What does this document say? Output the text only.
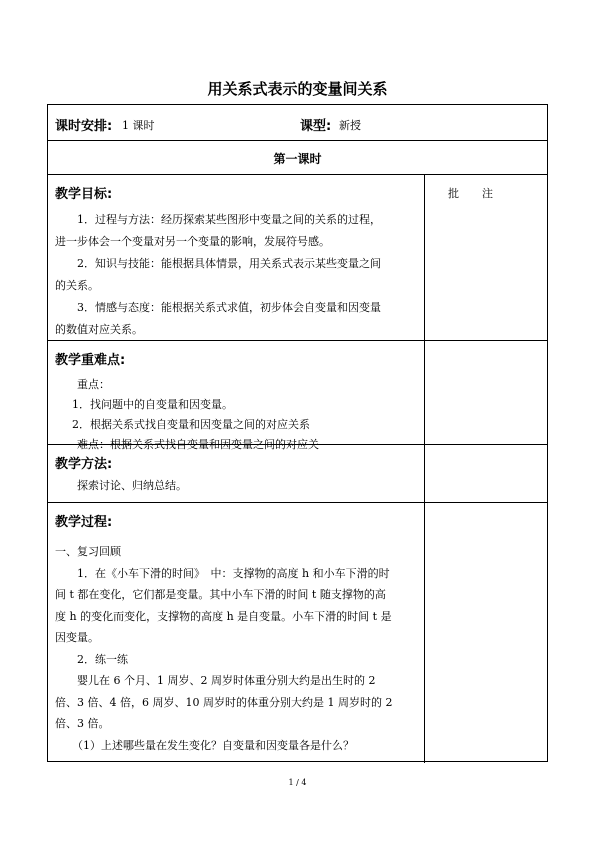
用关系式表示的变量间关系
课时安排: 1 课时	课型: 新授
第一课时
教学目标:	批　注
1．过程与方法：经历探索某些图形中变量之间的关系的过程，
进一步体会一个变量对另一个变量的影响，发展符号感。
2．知识与技能：能根据具体情景，用关系式表示某些变量之间
的关系。
3．情感与态度：能根据关系式求值，初步体会自变量和因变量
的数值对应关系。
教学重难点:
重点：
1．找问题中的自变量和因变量。
2．根据关系式找自变量和因变量之间的对应关系
难点：根据关系式找自变量和因变量之间的对应关
教学方法:
探索讨论、归纳总结。
教学过程:
一、复习回顾
1．在《小车下滑的时间》　中：支撑物的高度 h 和小车下滑的时
间 t 都在变化，它们都是变量。其中小车下滑的时间 t 随支撑物的高
度 h 的变化而变化，支撑物的高度 h 是自变量。小车下滑的时间 t 是
因变量。
2．练一练
婴儿在 6 个月、1 周岁、2 周岁时体重分别大约是出生时的 2
倍、3 倍、4 倍，6 周岁、10 周岁时的体重分别大约是 1 周岁时的 2
倍、3 倍。
（1）上述哪些量在发生变化？自变量和因变量各是什么？
1 / 4
